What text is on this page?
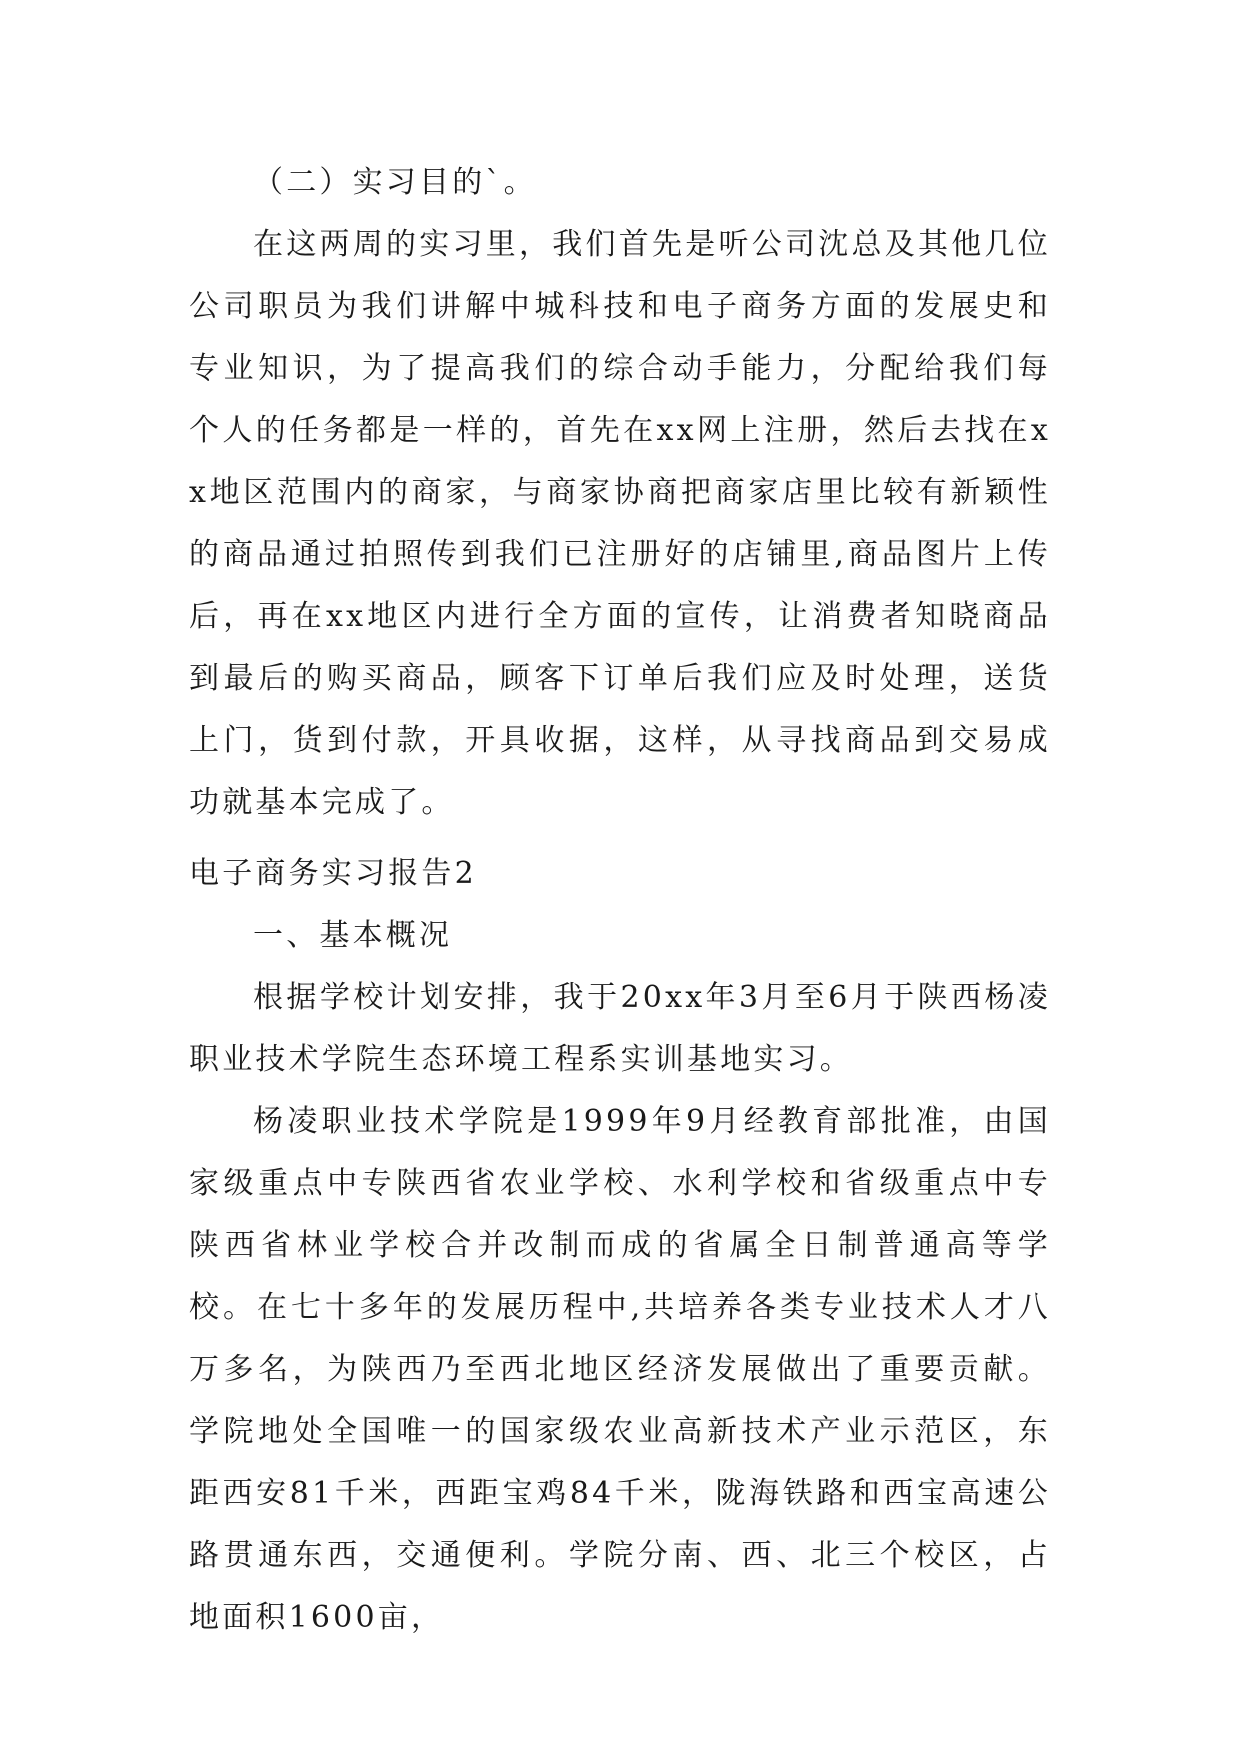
（二）实习目的`。

在这两周的实习里，我们首先是听公司沈总及其他几位公司职员为我们讲解中城科技和电子商务方面的发展史和专业知识，为了提高我们的综合动手能力，分配给我们每个人的任务都是一样的，首先在xx网上注册，然后去找在xx地区范围内的商家，与商家协商把商家店里比较有新颖性的商品通过拍照传到我们已注册好的店铺里,商品图片上传后，再在xx地区内进行全方面的宣传，让消费者知晓商品到最后的购买商品，顾客下订单后我们应及时处理，送货上门，货到付款，开具收据，这样，从寻找商品到交易成功就基本完成了。

电子商务实习报告2

一、基本概况

根据学校计划安排，我于20xx年3月至6月于陕西杨凌职业技术学院生态环境工程系实训基地实习。

杨凌职业技术学院是1999年9月经教育部批准，由国家级重点中专陕西省农业学校、水利学校和省级重点中专陕西省林业学校合并改制而成的省属全日制普通高等学校。在七十多年的发展历程中,共培养各类专业技术人才八万多名，为陕西乃至西北地区经济发展做出了重要贡献。学院地处全国唯一的国家级农业高新技术产业示范区，东距西安81千米，西距宝鸡84千米，陇海铁路和西宝高速公路贯通东西，交通便利。学院分南、西、北三个校区，占地面积1600亩，
